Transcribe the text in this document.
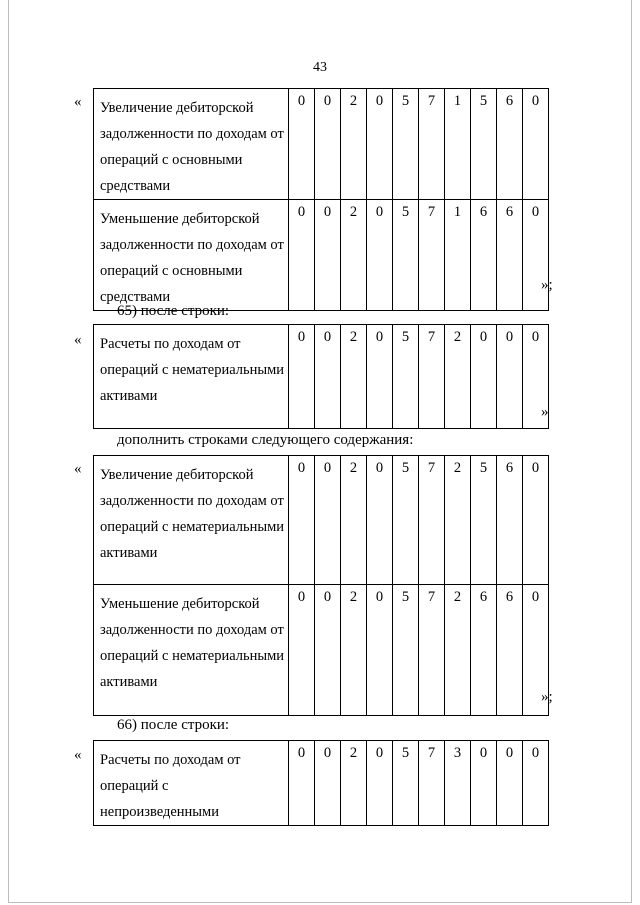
43
« Увеличение дебиторской задолженности по доходам от операций с основными средствами	0	0	2	0	5	7	1	5	6	0
Уменьшение дебиторской задолженности по доходам от операций с основными средствами	0	0	2	0	5	7	1	6	6	0
»;
65) после строки:
« Расчеты по доходам от операций с нематериальными активами	0	0	2	0	5	7	2	0	0	0
»
дополнить строками следующего содержания:
« Увеличение дебиторской задолженности по доходам от операций с нематериальными активами	0	0	2	0	5	7	2	5	6	0
Уменьшение дебиторской задолженности по доходам от операций с нематериальными активами	0	0	2	0	5	7	2	6	6	0
»;
66) после строки:
« Расчеты по доходам от операций с непроизведенными	0	0	2	0	5	7	3	0	0	0
